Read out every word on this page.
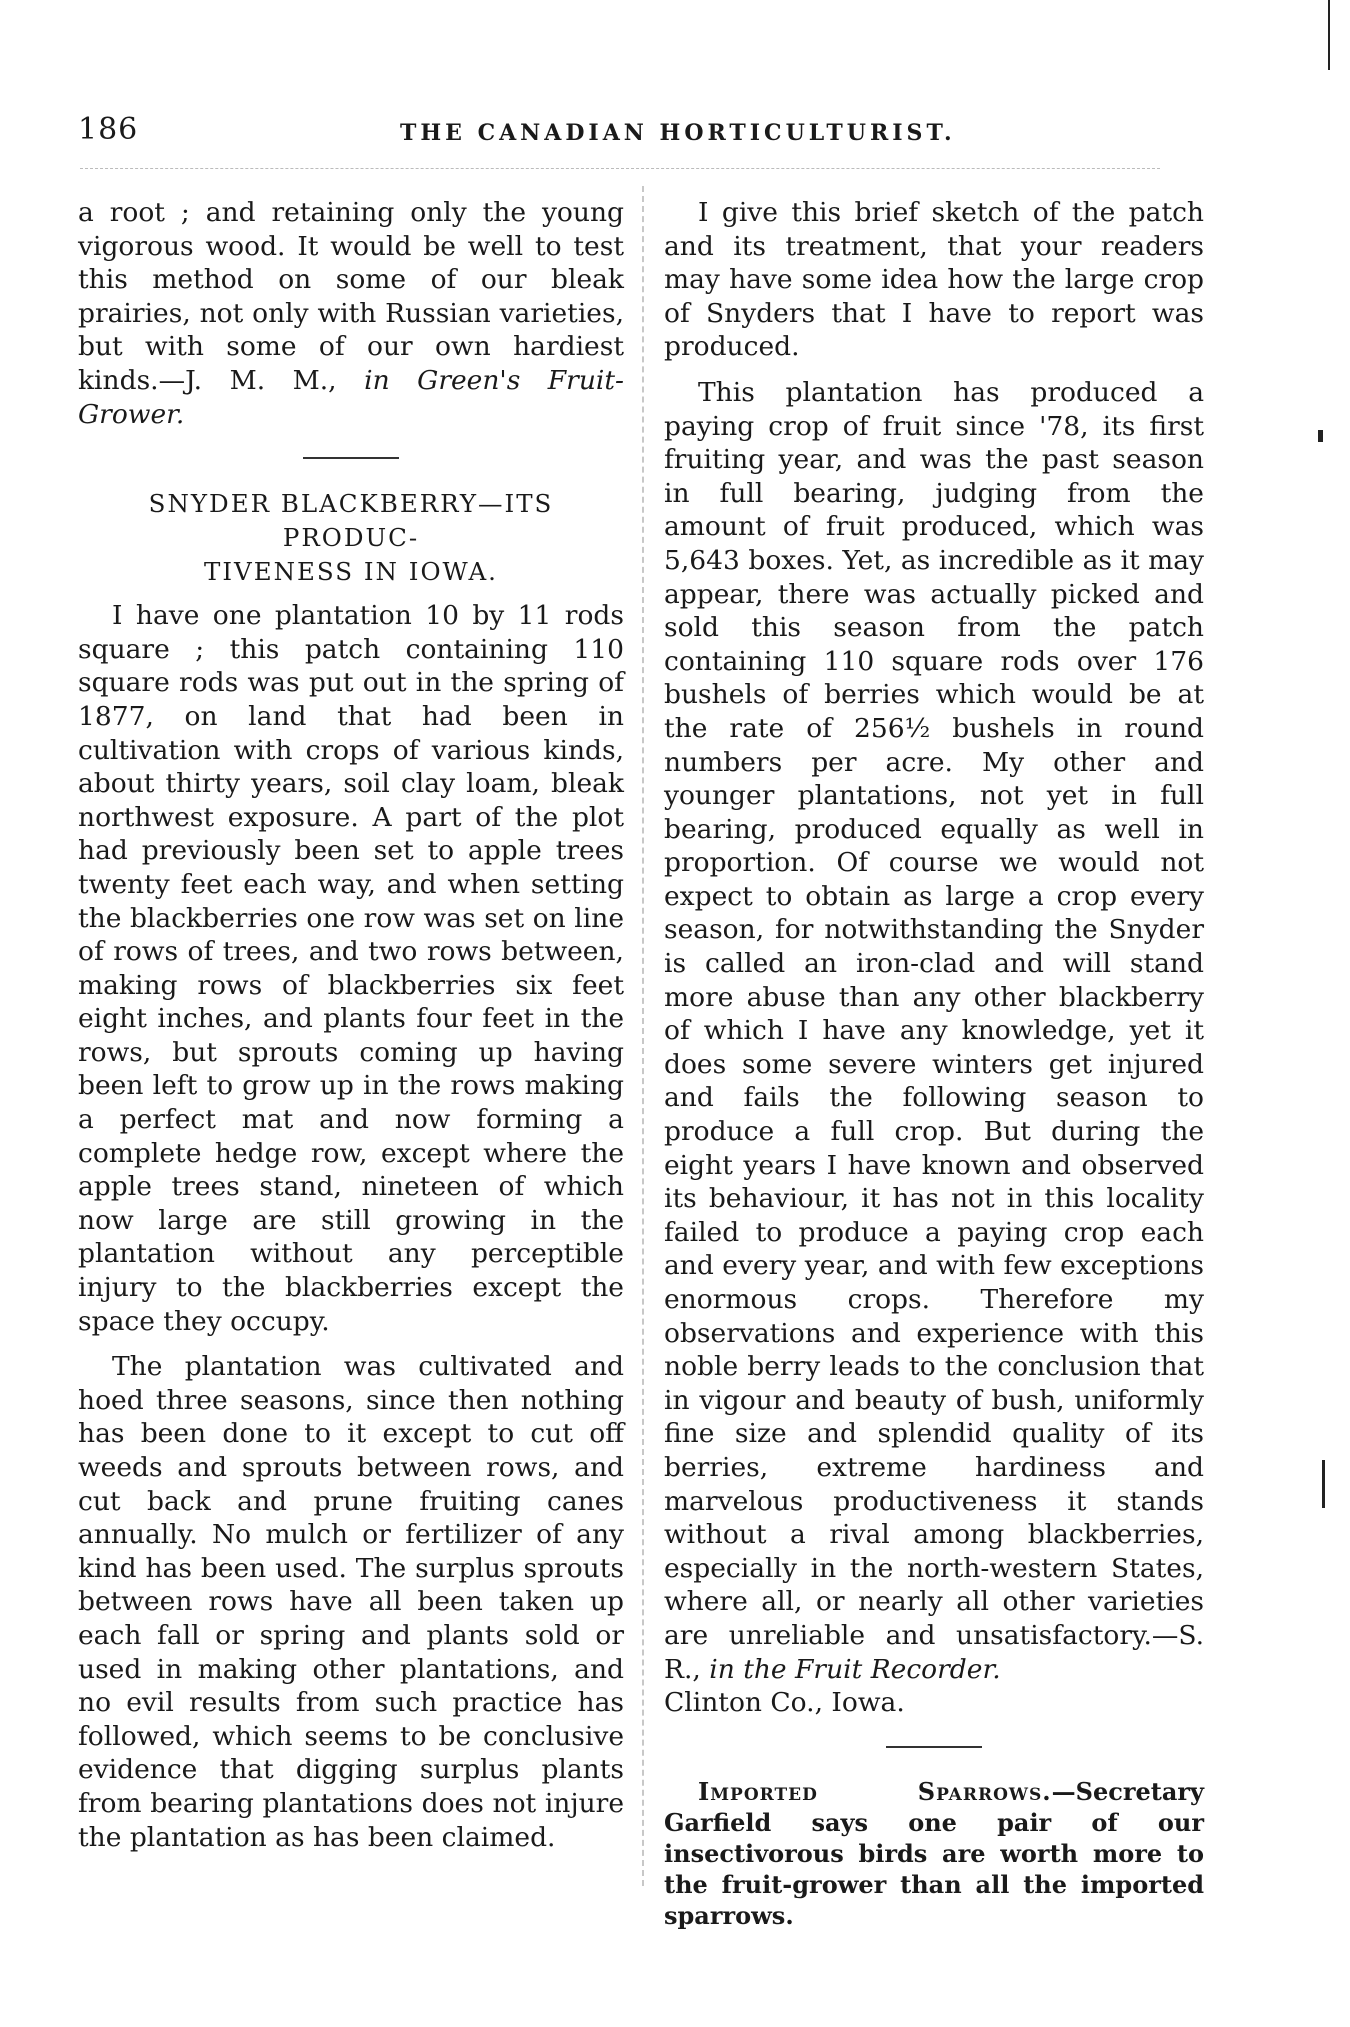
186	THE CANADIAN HORTICULTURIST.

a root ; and retaining only the young vigorous wood. It would be well to test this method on some of our bleak prairies, not only with Russian varieties, but with some of our own hardiest kinds.—J. M. M., in Green's Fruit-Grower.

SNYDER BLACKBERRY—ITS PRODUC-
TIVENESS IN IOWA.

I have one plantation 10 by 11 rods square ; this patch containing 110 square rods was put out in the spring of 1877, on land that had been in cultivation with crops of various kinds, about thirty years, soil clay loam, bleak northwest exposure. A part of the plot had previously been set to apple trees twenty feet each way, and when setting the blackberries one row was set on line of rows of trees, and two rows between, making rows of blackberries six feet eight inches, and plants four feet in the rows, but sprouts coming up having been left to grow up in the rows making a perfect mat and now forming a complete hedge row, except where the apple trees stand, nineteen of which now large are still growing in the plantation without any perceptible injury to the blackberries except the space they occupy.

The plantation was cultivated and hoed three seasons, since then nothing has been done to it except to cut off weeds and sprouts between rows, and cut back and prune fruiting canes annually. No mulch or fertilizer of any kind has been used. The surplus sprouts between rows have all been taken up each fall or spring and plants sold or used in making other plantations, and no evil results from such practice has followed, which seems to be conclusive evidence that digging surplus plants from bearing plantations does not injure the plantation as has been claimed.

I give this brief sketch of the patch and its treatment, that your readers may have some idea how the large crop of Snyders that I have to report was produced.

This plantation has produced a paying crop of fruit since '78, its first fruiting year, and was the past season in full bearing, judging from the amount of fruit produced, which was 5,643 boxes. Yet, as incredible as it may appear, there was actually picked and sold this season from the patch containing 110 square rods over 176 bushels of berries which would be at the rate of 256½ bushels in round numbers per acre. My other and younger plantations, not yet in full bearing, produced equally as well in proportion. Of course we would not expect to obtain as large a crop every season, for notwithstanding the Snyder is called an iron-clad and will stand more abuse than any other blackberry of which I have any knowledge, yet it does some severe winters get injured and fails the following season to produce a full crop. But during the eight years I have known and observed its behaviour, it has not in this locality failed to produce a paying crop each and every year, and with few exceptions enormous crops. Therefore my observations and experience with this noble berry leads to the conclusion that in vigour and beauty of bush, uniformly fine size and splendid quality of its berries, extreme hardiness and marvelous productiveness it stands without a rival among blackberries, especially in the north-western States, where all, or nearly all other varieties are unreliable and unsatisfactory.—S. R., in the Fruit Recorder.

Clinton Co., Iowa.

Imported Sparrows.—Secretary Garfield says one pair of our insectivorous birds are worth more to the fruit-grower than all the imported sparrows.
